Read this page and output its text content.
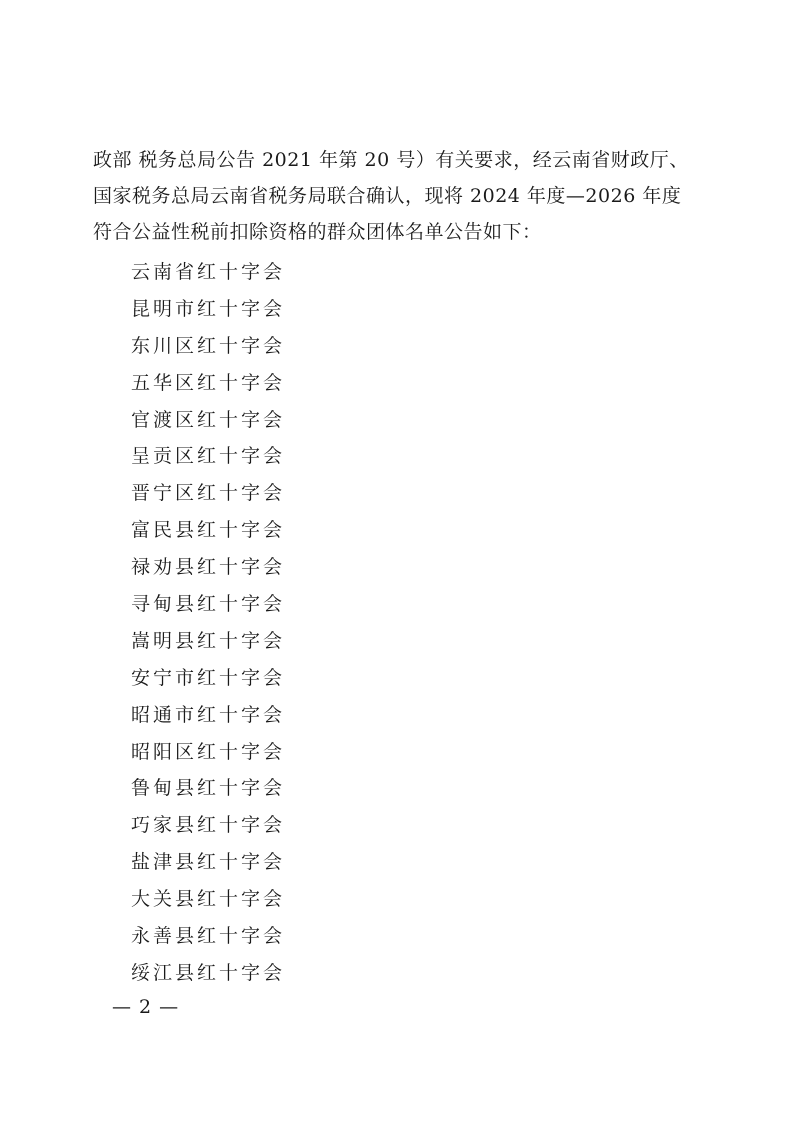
政部 税务总局公告 2021 年第 20 号）有关要求，经云南省财政厅、
国家税务总局云南省税务局联合确认，现将 2024 年度—2026 年度
符合公益性税前扣除资格的群众团体名单公告如下：
云南省红十字会
昆明市红十字会
东川区红十字会
五华区红十字会
官渡区红十字会
呈贡区红十字会
晋宁区红十字会
富民县红十字会
禄劝县红十字会
寻甸县红十字会
嵩明县红十字会
安宁市红十字会
昭通市红十字会
昭阳区红十字会
鲁甸县红十字会
巧家县红十字会
盐津县红十字会
大关县红十字会
永善县红十字会
绥江县红十字会
— 2 —
